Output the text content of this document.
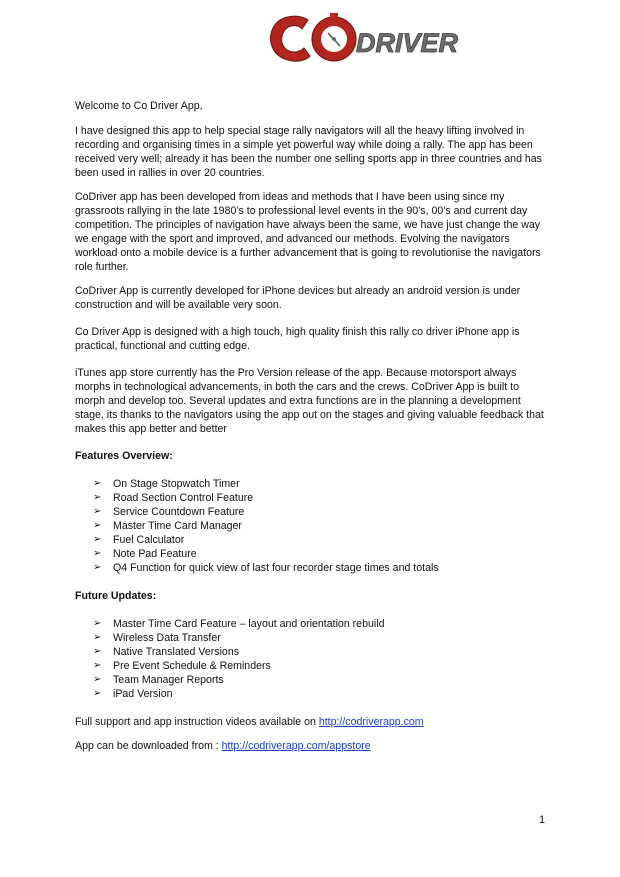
DRIVER

Welcome to Co Driver App,

I have designed this app to help special stage rally navigators will all the heavy lifting involved in recording and organising times in a simple yet powerful way while doing a rally. The app has been received very well; already it has been the number one selling sports app in three countries and has been used in rallies in over 20 countries.

CoDriver app has been developed from ideas and methods that I have been using since my grassroots rallying in the late 1980’s to professional level events in the 90’s, 00’s and current day competition. The principles of navigation have always been the same, we have just change the way we engage with the sport and improved, and advanced our methods. Evolving the navigators workload onto a mobile device is a further advancement that is going to revolutionise the navigators role further.

CoDriver App is currently developed for iPhone devices but already an android version is under construction and will be available very soon.

Co Driver App is designed with a high touch, high quality finish this rally co driver iPhone app is practical, functional and cutting edge.

iTunes app store currently has the Pro Version release of the app. Because motorsport always morphs in technological advancements, in both the cars and the crews. CoDriver App is built to morph and develop too. Several updates and extra functions are in the planning a development stage, its thanks to the navigators using the app out on the stages and giving valuable feedback that makes this app better and better

Features Overview:
➢ On Stage Stopwatch Timer
➢ Road Section Control Feature
➢ Service Countdown Feature
➢ Master Time Card Manager
➢ Fuel Calculator
➢ Note Pad Feature
➢ Q4 Function for quick view of last four recorder stage times and totals
Future Updates:
➢ Master Time Card Feature – layout and orientation rebuild
➢ Wireless Data Transfer
➢ Native Translated Versions
➢ Pre Event Schedule & Reminders
➢ Team Manager Reports
➢ iPad Version

Full support and app instruction videos available on http://codriverapp.com

App can be downloaded from : http://codriverapp.com/appstore

1
